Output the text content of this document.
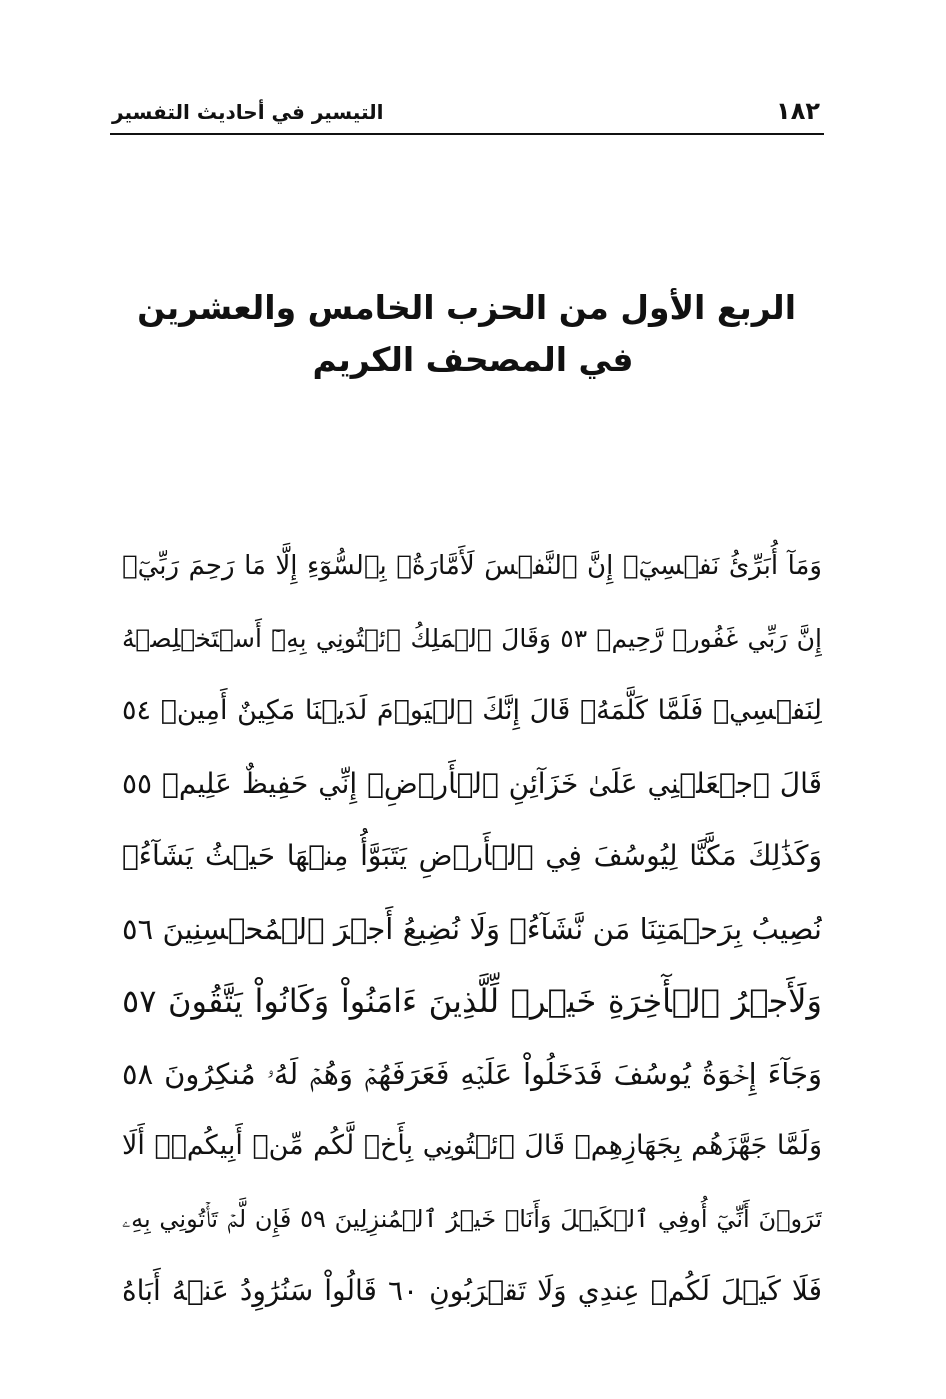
١٨٢
التيسير في أحاديث التفسير
الربع الأول من الحزب الخامس والعشرين
في المصحف الكريم
وَمَآ أُبَرِّئُ نَفۡسِيٓۚ إِنَّ ٱلنَّفۡسَ لَأَمَّارَةُۢ بِٱلسُّوٓءِ إِلَّا مَا رَحِمَ رَبِّيٓۚ
إِنَّ رَبِّي غَفُورٞ رَّحِيمٞ ٥٣ وَقَالَ ٱلۡمَلِكُ ٱئۡتُونِي بِهِۦٓ أَسۡتَخۡلِصۡهُ
لِنَفۡسِيۖ فَلَمَّا كَلَّمَهُۥ قَالَ إِنَّكَ ٱلۡيَوۡمَ لَدَيۡنَا مَكِينٌ أَمِينٞ ٥٤
قَالَ ٱجۡعَلۡنِي عَلَىٰ خَزَآئِنِ ٱلۡأَرۡضِۖ إِنِّي حَفِيظٌ عَلِيمٞ ٥٥
وَكَذَٰلِكَ مَكَّنَّا لِيُوسُفَ فِي ٱلۡأَرۡضِ يَتَبَوَّأُ مِنۡهَا حَيۡثُ يَشَآءُۚ
نُصِيبُ بِرَحۡمَتِنَا مَن نَّشَآءُۖ وَلَا نُضِيعُ أَجۡرَ ٱلۡمُحۡسِنِينَ ٥٦
وَلَأَجۡرُ ٱلۡأٓخِرَةِ خَيۡرٞ لِّلَّذِينَ ءَامَنُواْ وَكَانُواْ يَتَّقُونَ ٥٧
وَجَآءَ إِخۡوَةُ يُوسُفَ فَدَخَلُواْ عَلَيۡهِ فَعَرَفَهُمۡ وَهُمۡ لَهُۥ مُنكِرُونَ ٥٨
وَلَمَّا جَهَّزَهُم بِجَهَازِهِمۡ قَالَ ٱئۡتُونِي بِأَخٖ لَّكُم مِّنۡ أَبِيكُمۡۚ أَلَا
تَرَوۡنَ أَنِّيٓ أُوفِي ٱلۡكَيۡلَ وَأَنَا۠ خَيۡرُ ٱلۡمُنزِلِينَ ٥٩ فَإِن لَّمۡ تَأۡتُونِي بِهِۦ
فَلَا كَيۡلَ لَكُمۡ عِندِي وَلَا تَقۡرَبُونِ ٦٠ قَالُواْ سَنُرَٰوِدُ عَنۡهُ أَبَاهُ
